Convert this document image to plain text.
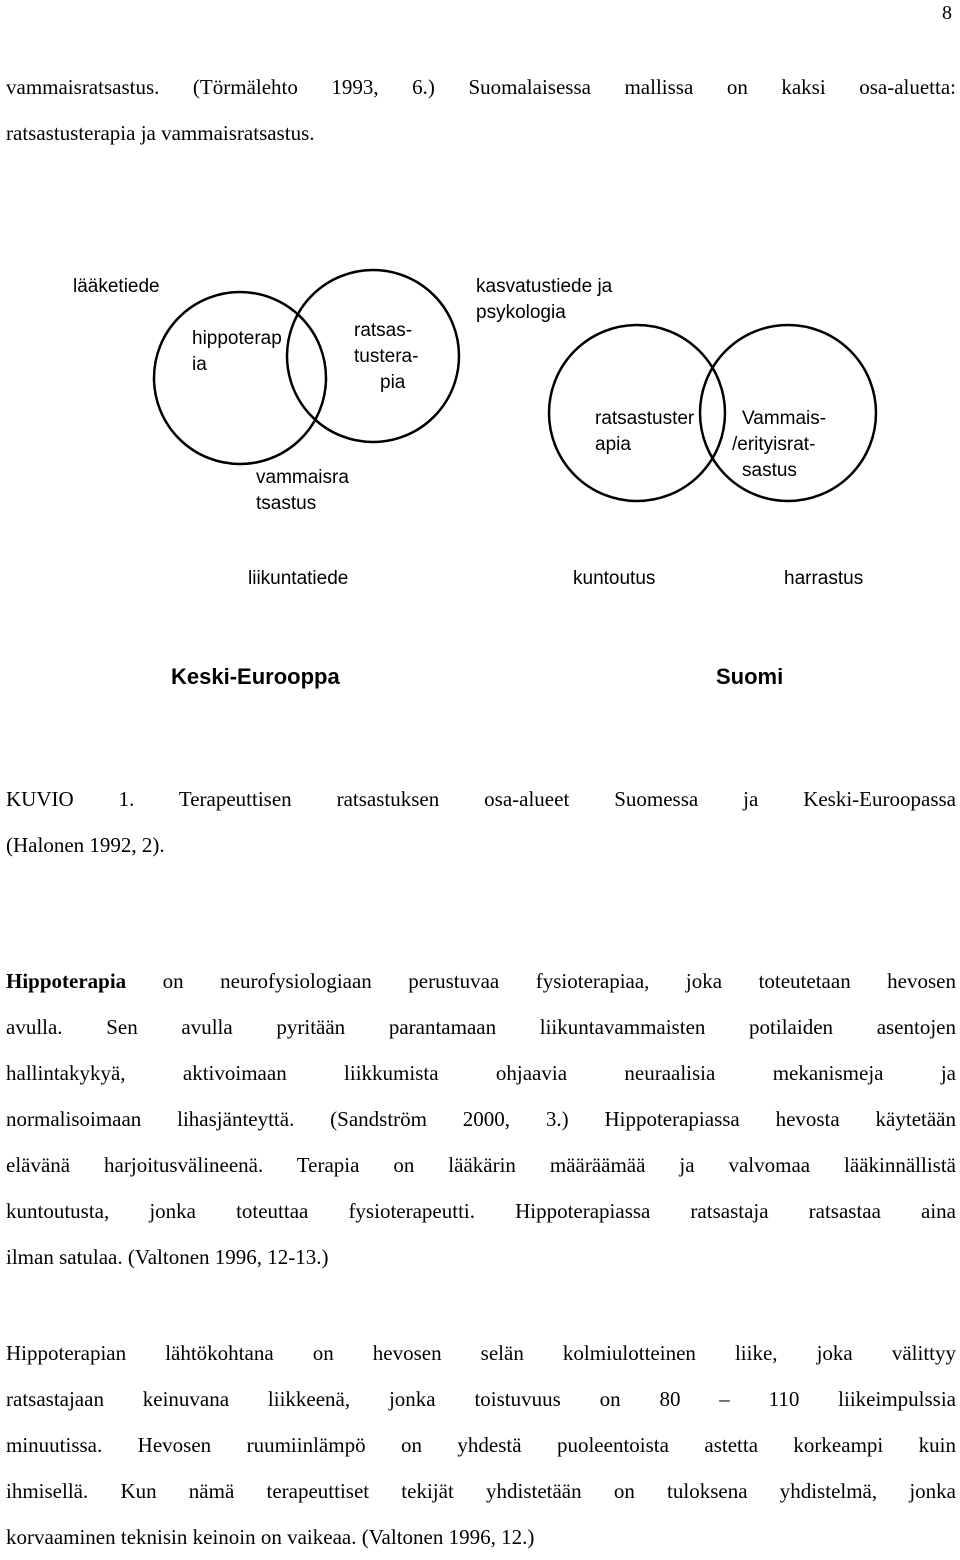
8

vammaisratsastus. (Törmälehto 1993, 6.) Suomalaisessa mallissa on kaksi osa-aluetta:
ratsastusterapia ja vammaisratsastus.

lääketiede
hippoterap
ia
ratsas-
tustera-
pia
vammaisra
tsastus
liikuntatiede
Keski-Eurooppa
kasvatustiede ja
psykologia
ratsastuster
apia
Vammais-
/erityisrat-
sastus
kuntoutus	harrastus
Suomi

KUVIO 1. Terapeuttisen ratsastuksen osa-alueet Suomessa ja Keski-Euroopassa
(Halonen 1992, 2).

Hippoterapia on neurofysiologiaan perustuvaa fysioterapiaa, joka toteutetaan hevosen
avulla. Sen avulla pyritään parantamaan liikuntavammaisten potilaiden asentojen
hallintakykyä, aktivoimaan liikkumista ohjaavia neuraalisia mekanismeja ja
normalisoimaan lihasjänteyttä. (Sandström 2000, 3.) Hippoterapiassa hevosta käytetään
elävänä harjoitusvälineenä. Terapia on lääkärin määräämää ja valvomaa lääkinnällistä
kuntoutusta, jonka toteuttaa fysioterapeutti. Hippoterapiassa ratsastaja ratsastaa aina
ilman satulaa. (Valtonen 1996, 12-13.)

Hippoterapian lähtökohtana on hevosen selän kolmiulotteinen liike, joka välittyy
ratsastajaan keinuvana liikkeenä, jonka toistuvuus on 80 – 110 liikeimpulssia
minuutissa. Hevosen ruumiinlämpö on yhdestä puoleentoista astetta korkeampi kuin
ihmisellä. Kun nämä terapeuttiset tekijät yhdistetään on tuloksena yhdistelmä, jonka
korvaaminen teknisin keinoin on vaikeaa. (Valtonen 1996, 12.)
